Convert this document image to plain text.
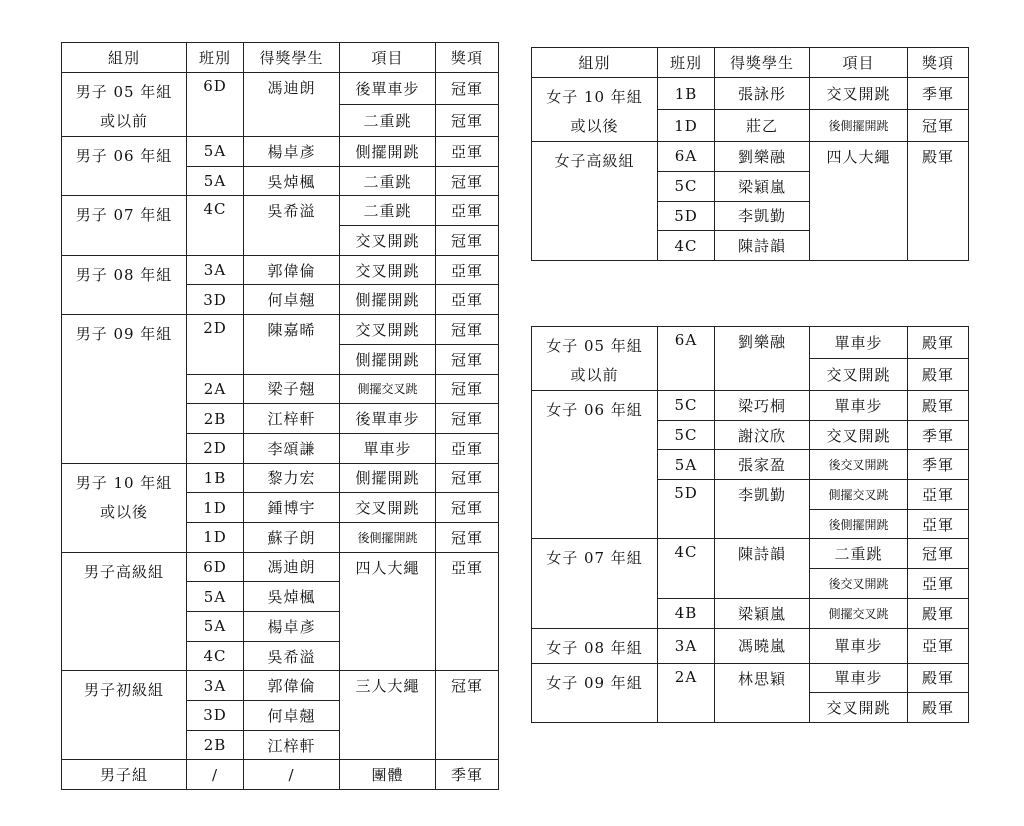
組別	班別	得獎學生	項目	獎項

男子 05 年組
或以前	6D	馮迪朗	後單車步	冠軍
			二重跳	冠軍
男子 06 年組	5A	楊卓彥	側擺開跳	亞軍
	5A	吳焯楓	二重跳	冠軍
男子 07 年組	4C	吳希溢	二重跳	亞軍
			交叉開跳	冠軍
男子 08 年組	3A	郭偉倫	交叉開跳	亞軍
	3D	何卓翹	側擺開跳	亞軍
男子 09 年組	2D	陳嘉晞	交叉開跳	冠軍
			側擺開跳	冠軍
	2A	梁子翹	側擺交叉跳	冠軍
	2B	江梓軒	後單車步	冠軍
	2D	李頌謙	單車步	亞軍

男子 10 年組
或以後	1B	黎力宏	側擺開跳	冠軍
	1D	鍾博宇	交叉開跳	冠軍
	1D	蘇子朗	後側擺開跳	冠軍
男子高級組	6D	馮迪朗	四人大繩	亞軍
	5A	吳焯楓		
	5A	楊卓彥		
	4C	吳希溢		
男子初級組	3A	郭偉倫	三人大繩	冠軍
	3D	何卓翹		
	2B	江梓軒		
男子組	/	/	團體	季軍
組別	班別	得獎學生	項目	獎項

女子 10 年組
或以後	1B	張詠彤	交叉開跳	季軍
	1D	莊乙	後側擺開跳	冠軍
女子高級組	6A	劉樂融	四人大繩	殿軍
	5C	梁穎嵐		
	5D	李凱勤		
	4C	陳詩韻		
女子 05 年組
或以前	6A	劉樂融	單車步	殿軍
			交叉開跳	殿軍
女子 06 年組	5C	梁巧桐	單車步	殿軍
	5C	謝汶欣	交叉開跳	季軍
	5A	張家盈	後交叉開跳	季軍
	5D	李凱勤	側擺交叉跳	亞軍
			後側擺開跳	亞軍
女子 07 年組	4C	陳詩韻	二重跳	冠軍
			後交叉開跳	亞軍
	4B	梁穎嵐	側擺交叉跳	殿軍
女子 08 年組	3A	馮曉嵐	單車步	亞軍
女子 09 年組	2A	林思穎	單車步	殿軍
			交叉開跳	殿軍
